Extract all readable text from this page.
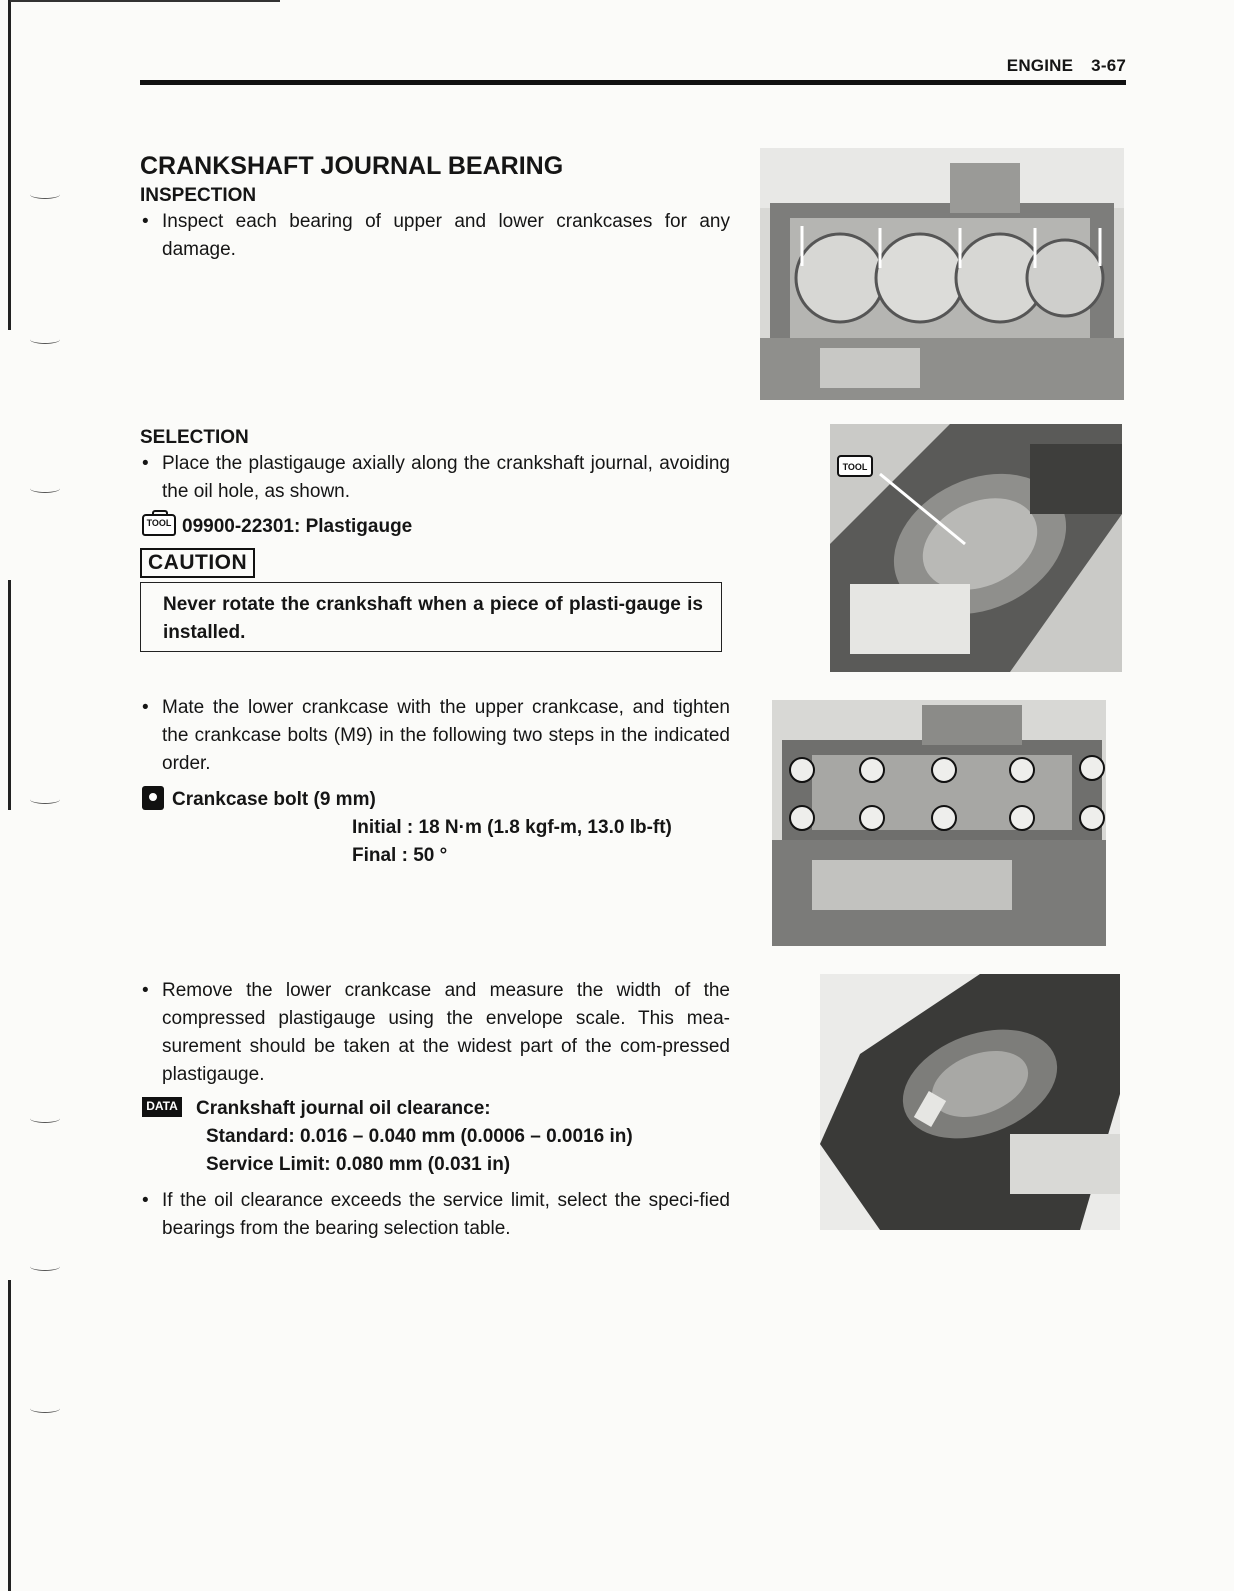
ENGINE 3-67
CRANKSHAFT JOURNAL BEARING
INSPECTION
• Inspect each bearing of upper and lower crankcases for any damage.
SELECTION
• Place the plastigauge axially along the crankshaft journal, avoiding the oil hole, as shown.
TOOL 09900-22301: Plastigauge
CAUTION

Never rotate the crankshaft when a piece of plasti-gauge is installed.

• Mate the lower crankcase with the upper crankcase, and tighten the crankcase bolts (M9) in the following two steps in the indicated order.
Crankcase bolt (9 mm)
Initial : 18 N·m (1.8 kgf-m, 13.0 lb-ft)
Final : 50 °
• Remove the lower crankcase and measure the width of the compressed plastigauge using the envelope scale. This mea-surement should be taken at the widest part of the com-pressed plastigauge.
DATA Crankshaft journal oil clearance:
Standard: 0.016 – 0.040 mm (0.0006 – 0.0016 in)
Service Limit: 0.080 mm (0.031 in)
• If the oil clearance exceeds the service limit, select the speci-fied bearings from the bearing selection table.
TOOL
